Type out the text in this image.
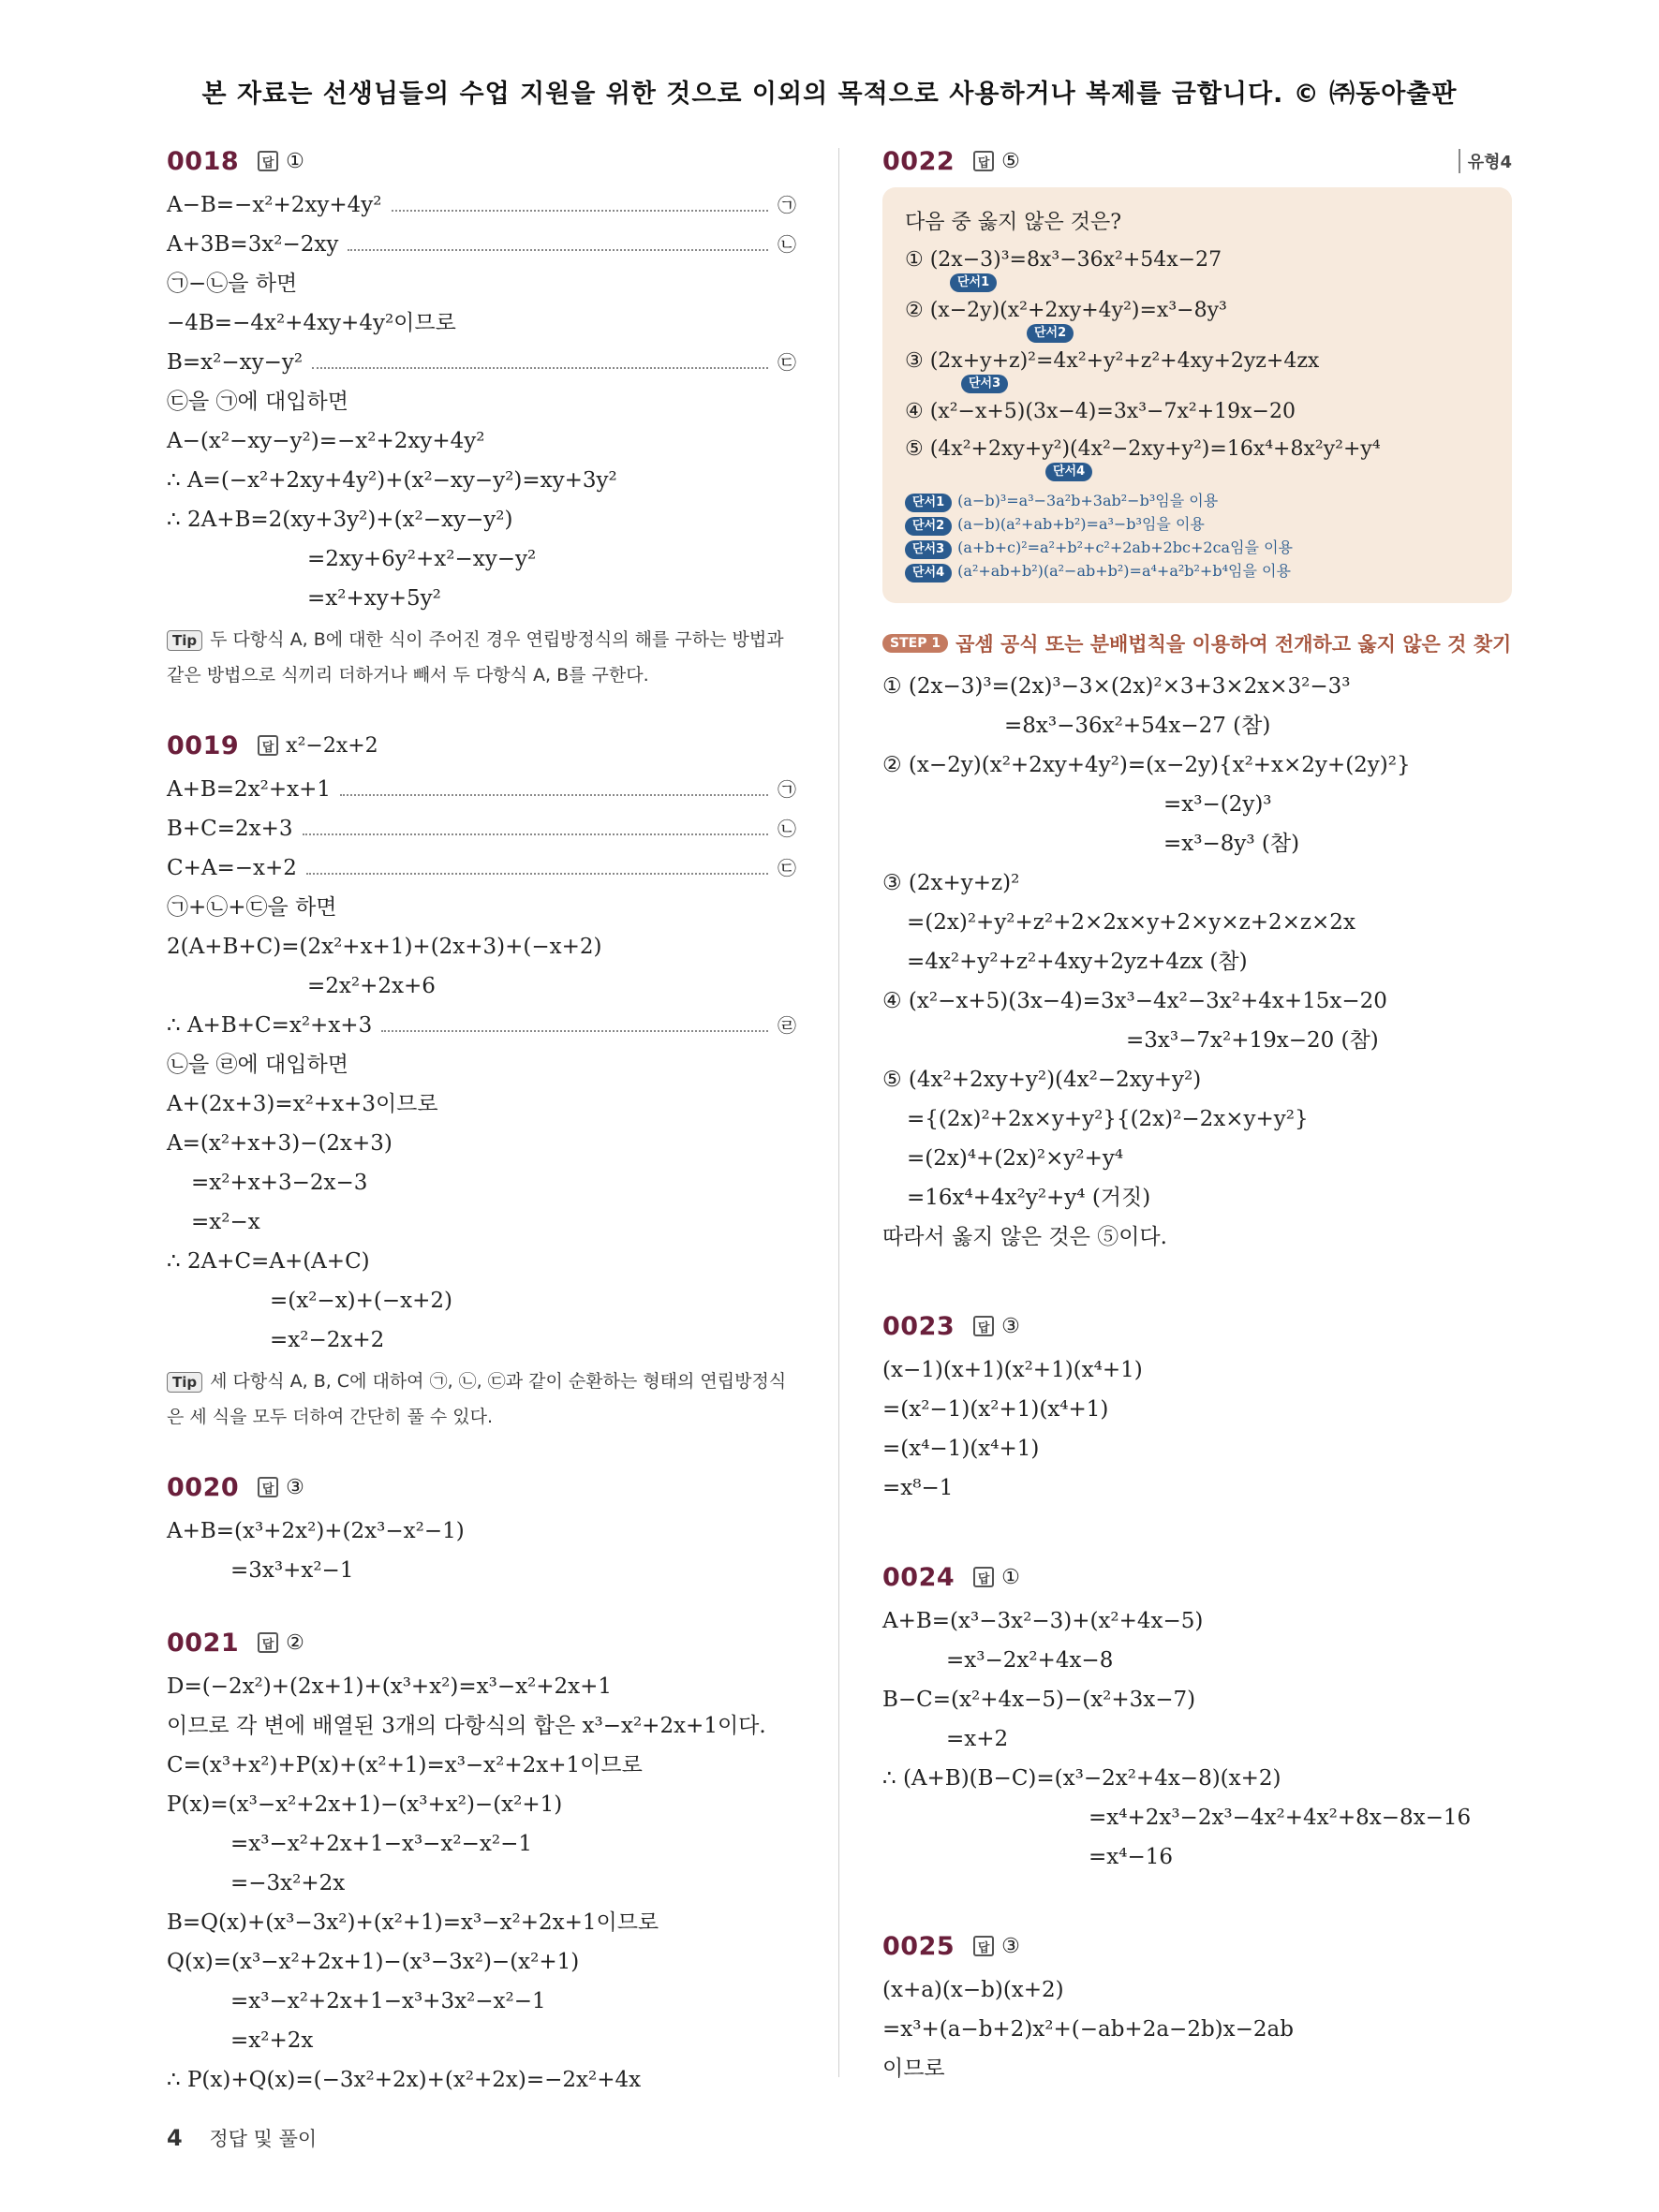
본 자료는 선생님들의 수업 지원을 위한 것으로 이외의 목적으로 사용하거나 복제를 금합니다. © ㈜동아출판
0018	답 ①
A−B=−x²+2xy+4y²	㉠
A+3B=3x²−2xy	㉡
㉠−㉡을 하면
−4B=−4x²+4xy+4y²이므로
B=x²−xy−y²	㉢
㉢을 ㉠에 대입하면
A−(x²−xy−y²)=−x²+2xy+4y²
∴ A=(−x²+2xy+4y²)+(x²−xy−y²)=xy+3y²
∴ 2A+B=2(xy+3y²)+(x²−xy−y²)
=2xy+6y²+x²−xy−y²
=x²+xy+5y²
Tip 두 다항식 A, B에 대한 식이 주어진 경우 연립방정식의 해를 구하는 방법과 같은 방법으로 식끼리 더하거나 빼서 두 다항식 A, B를 구한다.
0019	답 x²−2x+2
A+B=2x²+x+1	㉠
B+C=2x+3	㉡
C+A=−x+2	㉢
㉠+㉡+㉢을 하면
2(A+B+C)=(2x²+x+1)+(2x+3)+(−x+2)
=2x²+2x+6
∴ A+B+C=x²+x+3	㉣
㉡을 ㉣에 대입하면
A+(2x+3)=x²+x+3이므로
A=(x²+x+3)−(2x+3)
=x²+x+3−2x−3
=x²−x
∴ 2A+C=A+(A+C)
=(x²−x)+(−x+2)
=x²−2x+2
Tip 세 다항식 A, B, C에 대하여 ㉠, ㉡, ㉢과 같이 순환하는 형태의 연립방정식은 세 식을 모두 더하여 간단히 풀 수 있다.
0020	답 ③
A+B=(x³+2x²)+(2x³−x²−1)
=3x³+x²−1
0021	답 ②
D=(−2x²)+(2x+1)+(x³+x²)=x³−x²+2x+1
이므로 각 변에 배열된 3개의 다항식의 합은 x³−x²+2x+1이다.
C=(x³+x²)+P(x)+(x²+1)=x³−x²+2x+1이므로
P(x)=(x³−x²+2x+1)−(x³+x²)−(x²+1)
=x³−x²+2x+1−x³−x²−x²−1
=−3x²+2x
B=Q(x)+(x³−3x²)+(x²+1)=x³−x²+2x+1이므로
Q(x)=(x³−x²+2x+1)−(x³−3x²)−(x²+1)
=x³−x²+2x+1−x³+3x²−x²−1
=x²+2x
∴ P(x)+Q(x)=(−3x²+2x)+(x²+2x)=−2x²+4x
0022	답 ⑤	유형4
다음 중 옳지 않은 것은?
① (2x−3)³=8x³−36x²+54x−27
단서1
② (x−2y)(x²+2xy+4y²)=x³−8y³
단서2
③ (2x+y+z)²=4x²+y²+z²+4xy+2yz+4zx
단서3
④ (x²−x+5)(3x−4)=3x³−7x²+19x−20
⑤ (4x²+2xy+y²)(4x²−2xy+y²)=16x⁴+8x²y²+y⁴
단서4
단서1 (a−b)³=a³−3a²b+3ab²−b³임을 이용
단서2 (a−b)(a²+ab+b²)=a³−b³임을 이용
단서3 (a+b+c)²=a²+b²+c²+2ab+2bc+2ca임을 이용
단서4 (a²+ab+b²)(a²−ab+b²)=a⁴+a²b²+b⁴임을 이용
STEP 1 곱셈 공식 또는 분배법칙을 이용하여 전개하고 옳지 않은 것 찾기
① (2x−3)³=(2x)³−3×(2x)²×3+3×2x×3²−3³
=8x³−36x²+54x−27 (참)
② (x−2y)(x²+2xy+4y²)=(x−2y){x²+x×2y+(2y)²}
=x³−(2y)³
=x³−8y³ (참)
③ (2x+y+z)²
=(2x)²+y²+z²+2×2x×y+2×y×z+2×z×2x
=4x²+y²+z²+4xy+2yz+4zx (참)
④ (x²−x+5)(3x−4)=3x³−4x²−3x²+4x+15x−20
=3x³−7x²+19x−20 (참)
⑤ (4x²+2xy+y²)(4x²−2xy+y²)
={(2x)²+2x×y+y²}{(2x)²−2x×y+y²}
=(2x)⁴+(2x)²×y²+y⁴
=16x⁴+4x²y²+y⁴ (거짓)
따라서 옳지 않은 것은 ⑤이다.
0023	답 ③
(x−1)(x+1)(x²+1)(x⁴+1)
=(x²−1)(x²+1)(x⁴+1)
=(x⁴−1)(x⁴+1)
=x⁸−1
0024	답 ①
A+B=(x³−3x²−3)+(x²+4x−5)
=x³−2x²+4x−8
B−C=(x²+4x−5)−(x²+3x−7)
=x+2
∴ (A+B)(B−C)=(x³−2x²+4x−8)(x+2)
=x⁴+2x³−2x³−4x²+4x²+8x−8x−16
=x⁴−16
0025	답 ③
(x+a)(x−b)(x+2)
=x³+(a−b+2)x²+(−ab+2a−2b)x−2ab
이므로
4 정답 및 풀이
